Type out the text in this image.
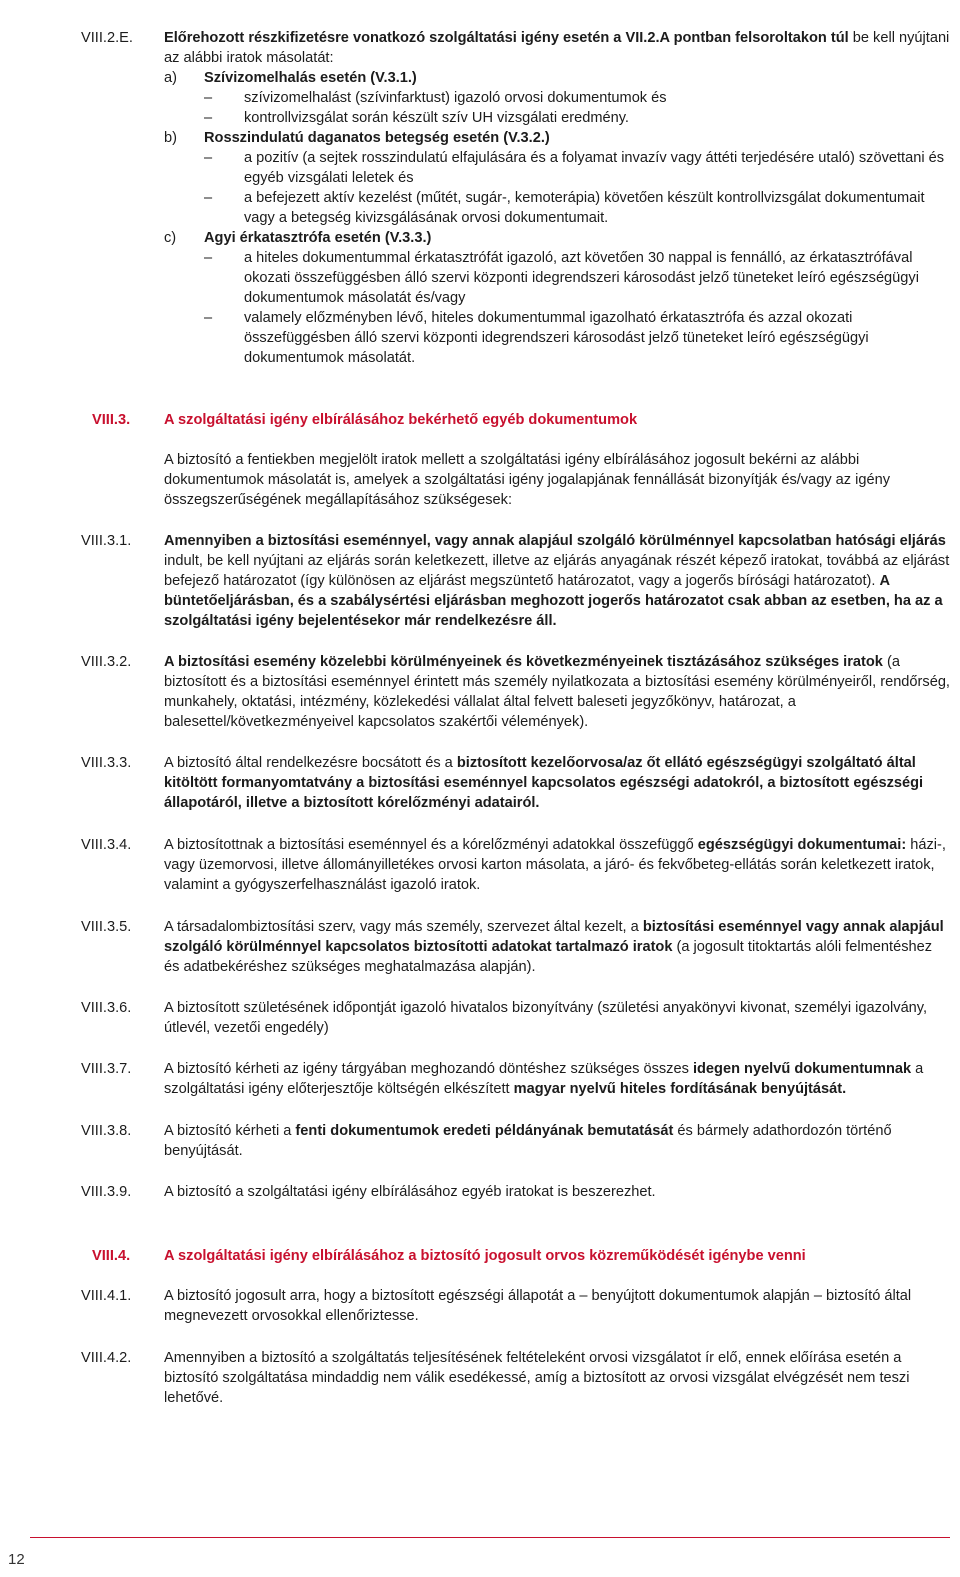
VIII.2.E.	Előrehozott részkifizetésre vonatkozó szolgáltatási igény esetén a VII.2.A pontban felsoroltakon túl be kell nyújtani az alábbi iratok másolatát:
a)	Szívizomelhalás esetén (V.3.1.)
–	szívizomelhalást (szívinfarktust) igazoló orvosi dokumentumok és
–	kontrollvizsgálat során készült szív UH vizsgálati eredmény.
b)	Rosszindulatú daganatos betegség esetén (V.3.2.)
–	a pozitív (a sejtek rosszindulatú elfajulására és a folyamat invazív vagy áttéti terjedésére utaló) szövettani és egyéb vizsgálati leletek és
–	a befejezett aktív kezelést (műtét, sugár-, kemoterápia) követően készült kontrollvizsgálat dokumentumait vagy a betegség kivizsgálásának orvosi dokumentumait.
c)	Agyi érkatasztrófa esetén (V.3.3.)
–	a hiteles dokumentummal érkatasztrófát igazoló, azt követően 30 nappal is fennálló, az érkatasztrófával okozati összefüggésben álló szervi központi idegrendszeri károsodást jelző tüneteket leíró egészségügyi dokumentumok másolatát és/vagy
–	valamely előzményben lévő, hiteles dokumentummal igazolható érkatasztrófa és azzal okozati összefüggésben álló szervi központi idegrendszeri károsodást jelző tüneteket leíró egészségügyi dokumentumok másolatát.
VIII.3.	A szolgáltatási igény elbírálásához bekérhető egyéb dokumentumok
A biztosító a fentiekben megjelölt iratok mellett a szolgáltatási igény elbírálásához jogosult bekérni az alábbi dokumentumok másolatát is, amelyek a szolgáltatási igény jogalapjának fennállását bizonyítják és/vagy az igény összegszerűségének megállapításához szükségesek:
VIII.3.1.	Amennyiben a biztosítási eseménnyel, vagy annak alapjául szolgáló körülménnyel kapcsolatban hatósági eljárás indult, be kell nyújtani az eljárás során keletkezett, illetve az eljárás anyagának részét képező iratokat, továbbá az eljárást befejező határozatot (így különösen az eljárást megszüntető határozatot, vagy a jogerős bírósági határozatot). A büntetőeljárásban, és a szabálysértési eljárásban meghozott jogerős határozatot csak abban az esetben, ha az a szolgáltatási igény bejelentésekor már rendelkezésre áll.
VIII.3.2.	A biztosítási esemény közelebbi körülményeinek és következményeinek tisztázásához szükséges iratok (a biztosított és a biztosítási eseménnyel érintett más személy nyilatkozata a biztosítási esemény körülményeiről, rendőrség, munkahely, oktatási, intézmény, közlekedési vállalat által felvett baleseti jegyzőkönyv, határozat, a balesettel/következményeivel kapcsolatos szakértői vélemények).
VIII.3.3.	A biztosító által rendelkezésre bocsátott és a biztosított kezelőorvosa/az őt ellátó egészségügyi szolgáltató által kitöltött formanyomtatvány a biztosítási eseménnyel kapcsolatos egészségi adatokról, a biztosított egészségi állapotáról, illetve a biztosított kórelőzményi adatairól.
VIII.3.4.	A biztosítottnak a biztosítási eseménnyel és a kórelőzményi adatokkal összefüggő egészségügyi dokumentumai: házi-, vagy üzemorvosi, illetve állományilletékes orvosi karton másolata, a járó- és fekvőbeteg-ellátás során keletkezett iratok, valamint a gyógyszerfelhasználást igazoló iratok.
VIII.3.5.	A társadalombiztosítási szerv, vagy más személy, szervezet által kezelt, a biztosítási eseménnyel vagy annak alapjául szolgáló körülménnyel kapcsolatos biztosítotti adatokat tartalmazó iratok (a jogosult titoktartás alóli felmentéshez és adatbekéréshez szükséges meghatalmazása alapján).
VIII.3.6.	A biztosított születésének időpontját igazoló hivatalos bizonyítvány (születési anyakönyvi kivonat, személyi igazolvány, útlevél, vezetői engedély)
VIII.3.7.	A biztosító kérheti az igény tárgyában meghozandó döntéshez szükséges összes idegen nyelvű dokumentumnak a szolgáltatási igény előterjesztője költségén elkészített magyar nyelvű hiteles fordításának benyújtását.
VIII.3.8.	A biztosító kérheti a fenti dokumentumok eredeti példányának bemutatását és bármely adathordozón történő benyújtását.
VIII.3.9.	A biztosító a szolgáltatási igény elbírálásához egyéb iratokat is beszerezhet.
VIII.4.	A szolgáltatási igény elbírálásához a biztosító jogosult orvos közreműködését igénybe venni
VIII.4.1.	A biztosító jogosult arra, hogy a biztosított egészségi állapotát a – benyújtott dokumentumok alapján – biztosító által megnevezett orvosokkal ellenőriztesse.
VIII.4.2.	Amennyiben a biztosító a szolgáltatás teljesítésének feltételeként orvosi vizsgálatot ír elő, ennek előírása esetén a biztosító szolgáltatása mindaddig nem válik esedékessé, amíg a biztosított az orvosi vizsgálat elvégzését nem teszi lehetővé.
12
